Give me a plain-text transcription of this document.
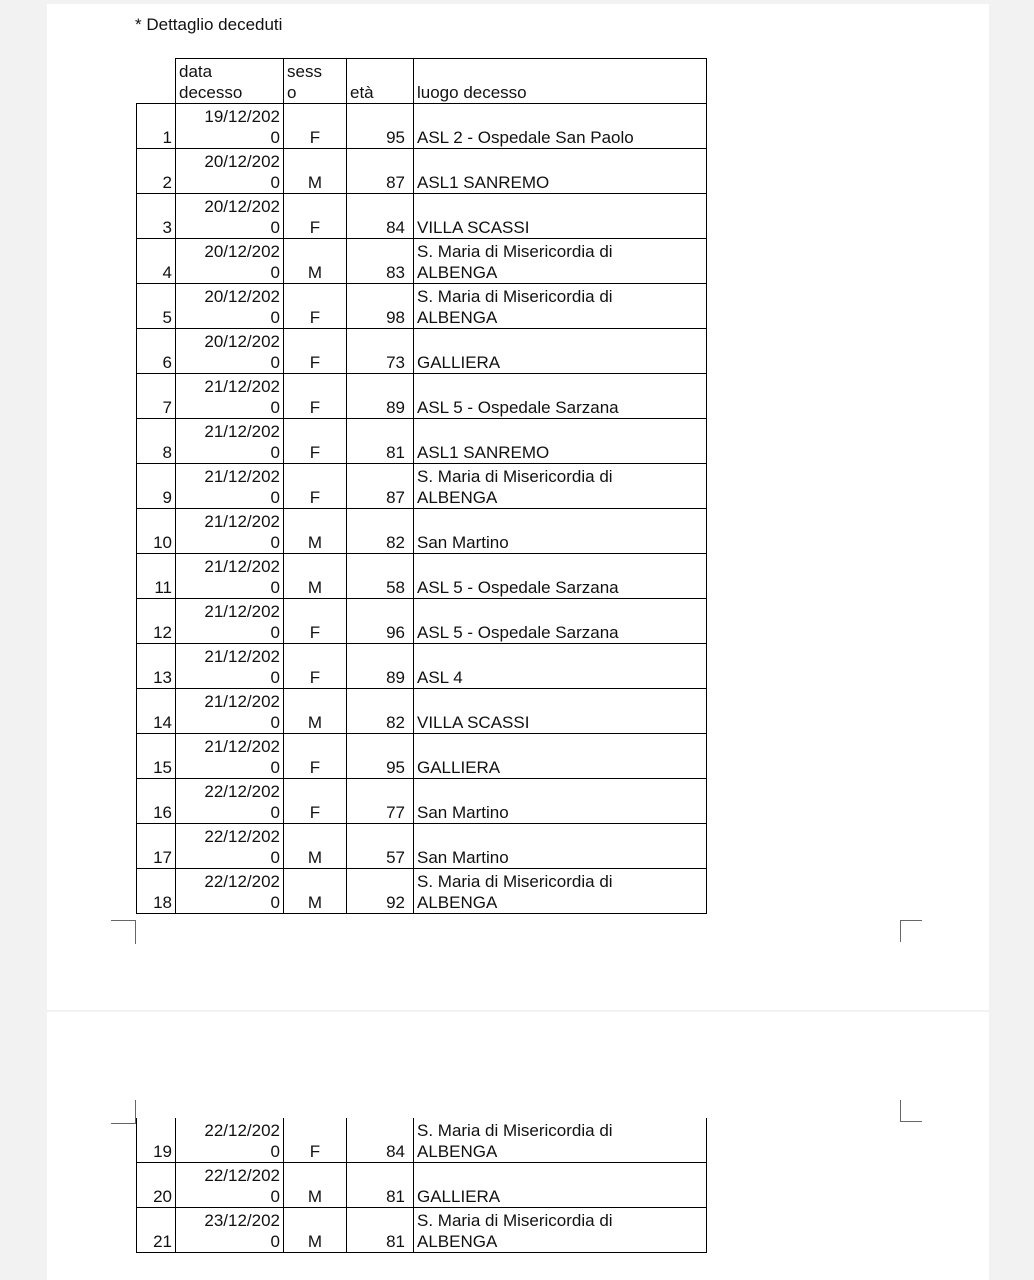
* Dettaglio deceduti

	data
decesso	sess
o	età	luogo decesso
1	19/12/202
0	F	95	ASL 2 - Ospedale San Paolo

2	20/12/202
0	M	87	ASL1 SANREMO

3	20/12/202
0	F	84	VILLA SCASSI

4	20/12/202
0	M	83	S. Maria di Misericordia di
ALBENGA

5	20/12/202
0	F	98	S. Maria di Misericordia di
ALBENGA

6	20/12/202
0	F	73	GALLIERA

7	21/12/202
0	F	89	ASL 5 - Ospedale Sarzana

8	21/12/202
0	F	81	ASL1 SANREMO

9	21/12/202
0	F	87	S. Maria di Misericordia di
ALBENGA

10	21/12/202
0	M	82	San Martino

11	21/12/202
0	M	58	ASL 5 - Ospedale Sarzana

12	21/12/202
0	F	96	ASL 5 - Ospedale Sarzana

13	21/12/202
0	F	89	ASL 4

14	21/12/202
0	M	82	VILLA SCASSI

15	21/12/202
0	F	95	GALLIERA

16	22/12/202
0	F	77	San Martino

17	22/12/202
0	M	57	San Martino

18	22/12/202
0	M	92	S. Maria di Misericordia di
ALBENGA
19	22/12/202
0	F	84	S. Maria di Misericordia di
ALBENGA

20	22/12/202
0	M	81	GALLIERA

21	23/12/202
0	M	81	S. Maria di Misericordia di
ALBENGA
